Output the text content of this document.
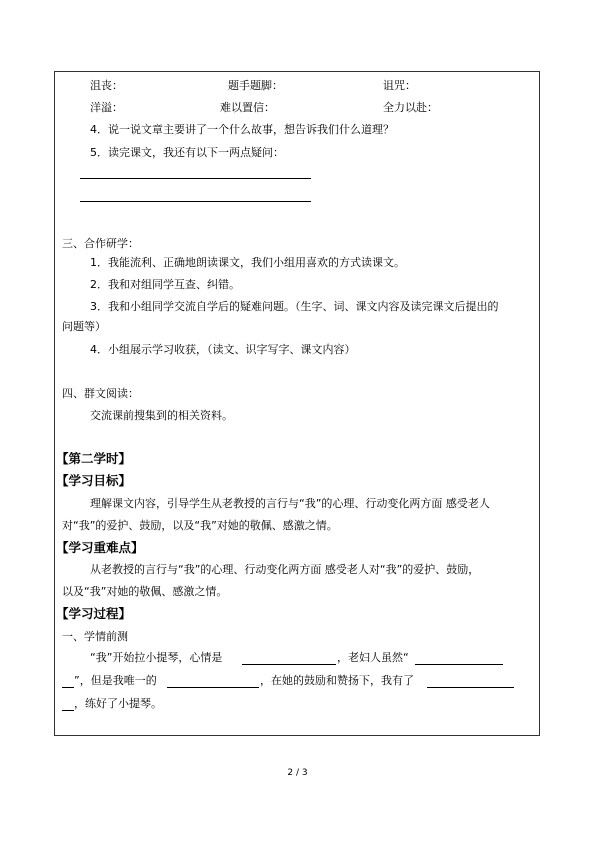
沮丧：	题手题脚：	诅咒：
洋溢：	难以置信：	全力以赴：
4．说一说文章主要讲了一个什么故事，想告诉我们什么道理？
5．读完课文，我还有以下一两点疑问：
三、合作研学：
1．我能流利、正确地朗读课文，我们小组用喜欢的方式读课文。
2．我和对组同学互查、纠错。
3．我和小组同学交流自学后的疑难问题。（生字、词、课文内容及读完课文后提出的
问题等）
4．小组展示学习收获，（读文、识字写字、课文内容）
四、群文阅读：
交流课前搜集到的相关资料。
【第二学时】
【学习目标】
理解课文内容，引导学生从老教授的言行与“我”的心理、行动变化两方面 感受老人
对“我”的爱护、鼓励，以及“我”对她的敬佩、感激之情。
【学习重难点】
从老教授的言行与“我”的心理、行动变化两方面 感受老人对“我”的爱护、鼓励，
以及“我”对她的敬佩、感激之情。
【学习过程】
一、学情前测
“我”开始拉小提琴，心情是	，老妇人虽然“
”，但是我唯一的	，在她的鼓励和赞扬下，我有了
，练好了小提琴。
2 / 3
